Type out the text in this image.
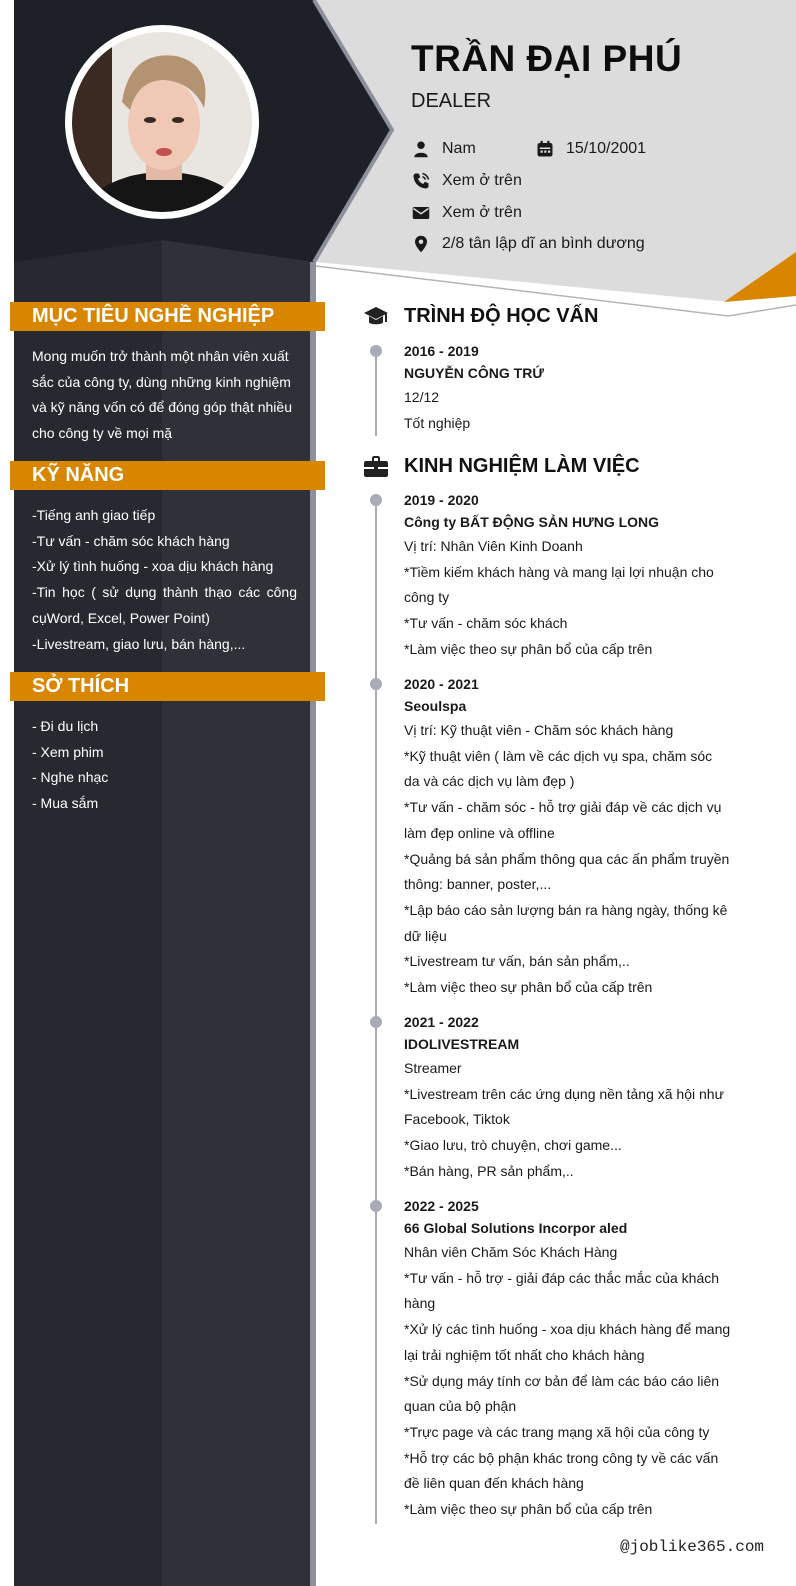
TRẦN ĐẠI PHÚ
DEALER
Nam	15/10/2001
Xem ở trên
Xem ở trên
2/8 tân lập dĩ an bình dương
MỤC TIÊU NGHỀ NGHIỆP

Mong muốn trở thành một nhân viên xuất

sắc của công ty, dùng những kinh nghiệm

và kỹ năng vốn có để đóng góp thật nhiều

cho công ty về mọi mặ

KỸ NĂNG

-Tiếng anh giao tiếp

-Tư vấn - chăm sóc khách hàng

-Xử lý tình huống - xoa dịu khách hàng

-Tin học ( sử dụng thành thạo các công

cụWord, Excel, Power Point)

-Livestream, giao lưu, bán hàng,...

SỞ THÍCH

- Đi du lịch

- Xem phim

- Nghe nhạc

- Mua sắm

TRÌNH ĐỘ HỌC VẤN
2016 - 2019
NGUYỄN CÔNG TRỨ

12/12

Tốt nghiệp

KINH NGHIỆM LÀM VIỆC
2019 - 2020
Công ty BẤT ĐỘNG SẢN HƯNG LONG

Vị trí: Nhân Viên Kinh Doanh

*Tiềm kiếm khách hàng và mang lại lợi nhuận cho

công ty

*Tư vấn - chăm sóc khách

*Làm việc theo sự phân bổ của cấp trên

2020 - 2021
Seoulspa

Vị trí: Kỹ thuật viên - Chăm sóc khách hàng

*Kỹ thuật viên ( làm về các dịch vụ spa, chăm sóc

da và các dịch vụ làm đẹp )

*Tư vấn - chăm sóc - hỗ trợ giải đáp về các dịch vụ

làm đẹp online và offline

*Quảng bá sản phẩm thông qua các ấn phẩm truyền

thông: banner, poster,...

*Lập báo cáo sản lượng bán ra hàng ngày, thống kê

dữ liệu

*Livestream tư vấn, bán sản phẩm,..

*Làm việc theo sự phân bổ của cấp trên

2021 - 2022
IDOLIVESTREAM

Streamer

*Livestream trên các ứng dụng nền tảng xã hội như

Facebook, Tiktok

*Giao lưu, trò chuyện, chơi game...

*Bán hàng, PR sản phẩm,..

2022 - 2025
66 Global Solutions Incorpor aled

Nhân viên Chăm Sóc Khách Hàng

*Tư vấn - hỗ trợ - giải đáp các thắc mắc của khách

hàng

*Xử lý các tình huống - xoa dịu khách hàng để mang

lại trải nghiệm tốt nhất cho khách hàng

*Sử dụng máy tính cơ bản để làm các báo cáo liên

quan của bộ phận

*Trực page và các trang mạng xã hội của công ty

*Hỗ trợ các bộ phận khác trong công ty về các vấn

đề liên quan đến khách hàng

*Làm việc theo sự phân bổ của cấp trên

@joblike365.com
